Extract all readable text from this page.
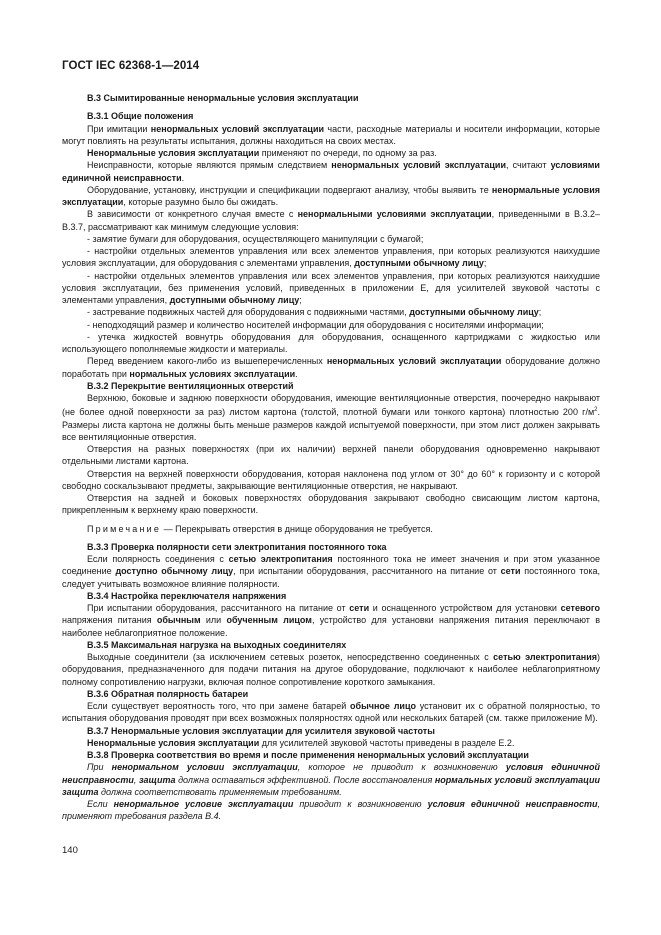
ГОСТ IEC 62368-1—2014

В.3 Сымитированные ненормальные условия эксплуатации

В.3.1 Общие положения

При имитации ненормальных условий эксплуатации части, расходные материалы и носители информации, которые могут повлиять на результаты испытания, должны находиться на своих местах.

Ненормальные условия эксплуатации применяют по очереди, по одному за раз.

Неисправности, которые являются прямым следствием ненормальных условий эксплуатации, считают условиями единичной неисправности.

Оборудование, установку, инструкции и спецификации подвергают анализу, чтобы выявить те ненормальные условия эксплуатации, которые разумно было бы ожидать.

В зависимости от конкретного случая вместе с ненормальными условиями эксплуатации, приведенными в В.3.2–В.3.7, рассматривают как минимум следующие условия:

- замятие бумаги для оборудования, осуществляющего манипуляции с бумагой;

- настройки отдельных элементов управления или всех элементов управления, при которых реализуются наихудшие условия эксплуатации, для оборудования с элементами управления, доступными обычному лицу;

- настройки отдельных элементов управления или всех элементов управления, при которых реализуются наихудшие условия эксплуатации, без применения условий, приведенных в приложении Е, для усилителей звуковой частоты с элементами управления, доступными обычному лицу;

- застревание подвижных частей для оборудования с подвижными частями, доступными обычному лицу;

- неподходящий размер и количество носителей информации для оборудования с носителями информации;

- утечка жидкостей вовнутрь оборудования для оборудования, оснащенного картриджами с жидкостью или использующего пополняемые жидкости и материалы.

Перед введением какого-либо из вышеперечисленных ненормальных условий эксплуатации оборудование должно поработать при нормальных условиях эксплуатации.

В.3.2 Перекрытие вентиляционных отверстий

Верхнюю, боковые и заднюю поверхности оборудования, имеющие вентиляционные отверстия, поочередно накрывают (не более одной поверхности за раз) листом картона (толстой, плотной бумаги или тонкого картона) плотностью 200 $г/м^2$. Размеры листа картона не должны быть меньше размеров каждой испытуемой поверхности, при этом лист должен закрывать все вентиляционные отверстия.

Отверстия на разных поверхностях (при их наличии) верхней панели оборудования одновременно накрывают отдельными листами картона.

Отверстия на верхней поверхности оборудования, которая наклонена под углом от 30° до 60° к горизонту и с которой свободно соскальзывают предметы, закрывающие вентиляционные отверстия, не накрывают.

Отверстия на задней и боковых поверхностях оборудования закрывают свободно свисающим листом картона, прикрепленным к верхнему краю поверхности.

Примечание — Перекрывать отверстия в днище оборудования не требуется.

В.3.3 Проверка полярности сети электропитания постоянного тока

Если полярность соединения с сетью электропитания постоянного тока не имеет значения и при этом указанное соединение доступно обычному лицу, при испытании оборудования, рассчитанного на питание от сети постоянного тока, следует учитывать возможное влияние полярности.

В.3.4 Настройка переключателя напряжения

При испытании оборудования, рассчитанного на питание от сети и оснащенного устройством для установки сетевого напряжения питания обычным или обученным лицом, устройство для установки напряжения питания переключают в наиболее неблагоприятное положение.

В.3.5 Максимальная нагрузка на выходных соединителях

Выходные соединители (за исключением сетевых розеток, непосредственно соединенных с сетью электропитания) оборудования, предназначенного для подачи питания на другое оборудование, подключают к наиболее неблагоприятному полному сопротивлению нагрузки, включая полное сопротивление короткого замыкания.

В.3.6 Обратная полярность батареи

Если существует вероятность того, что при замене батарей обычное лицо установит их с обратной полярностью, то испытания оборудования проводят при всех возможных полярностях одной или нескольких батарей (см. также приложение М).

В.3.7 Ненормальные условия эксплуатации для усилителя звуковой частоты

Ненормальные условия эксплуатации для усилителей звуковой частоты приведены в разделе Е.2.

В.3.8 Проверка соответствия во время и после применения ненормальных условий эксплуатации

При ненормальном условии эксплуатации, которое не приводит к возникновению условия единичной неисправности, защита должна оставаться эффективной. После восстановления нормальных условий эксплуатации защита должна соответствовать применяемым требованиям.

Если ненормальное условие эксплуатации приводит к возникновению условия единичной неисправности, применяют требования раздела В.4.

140
